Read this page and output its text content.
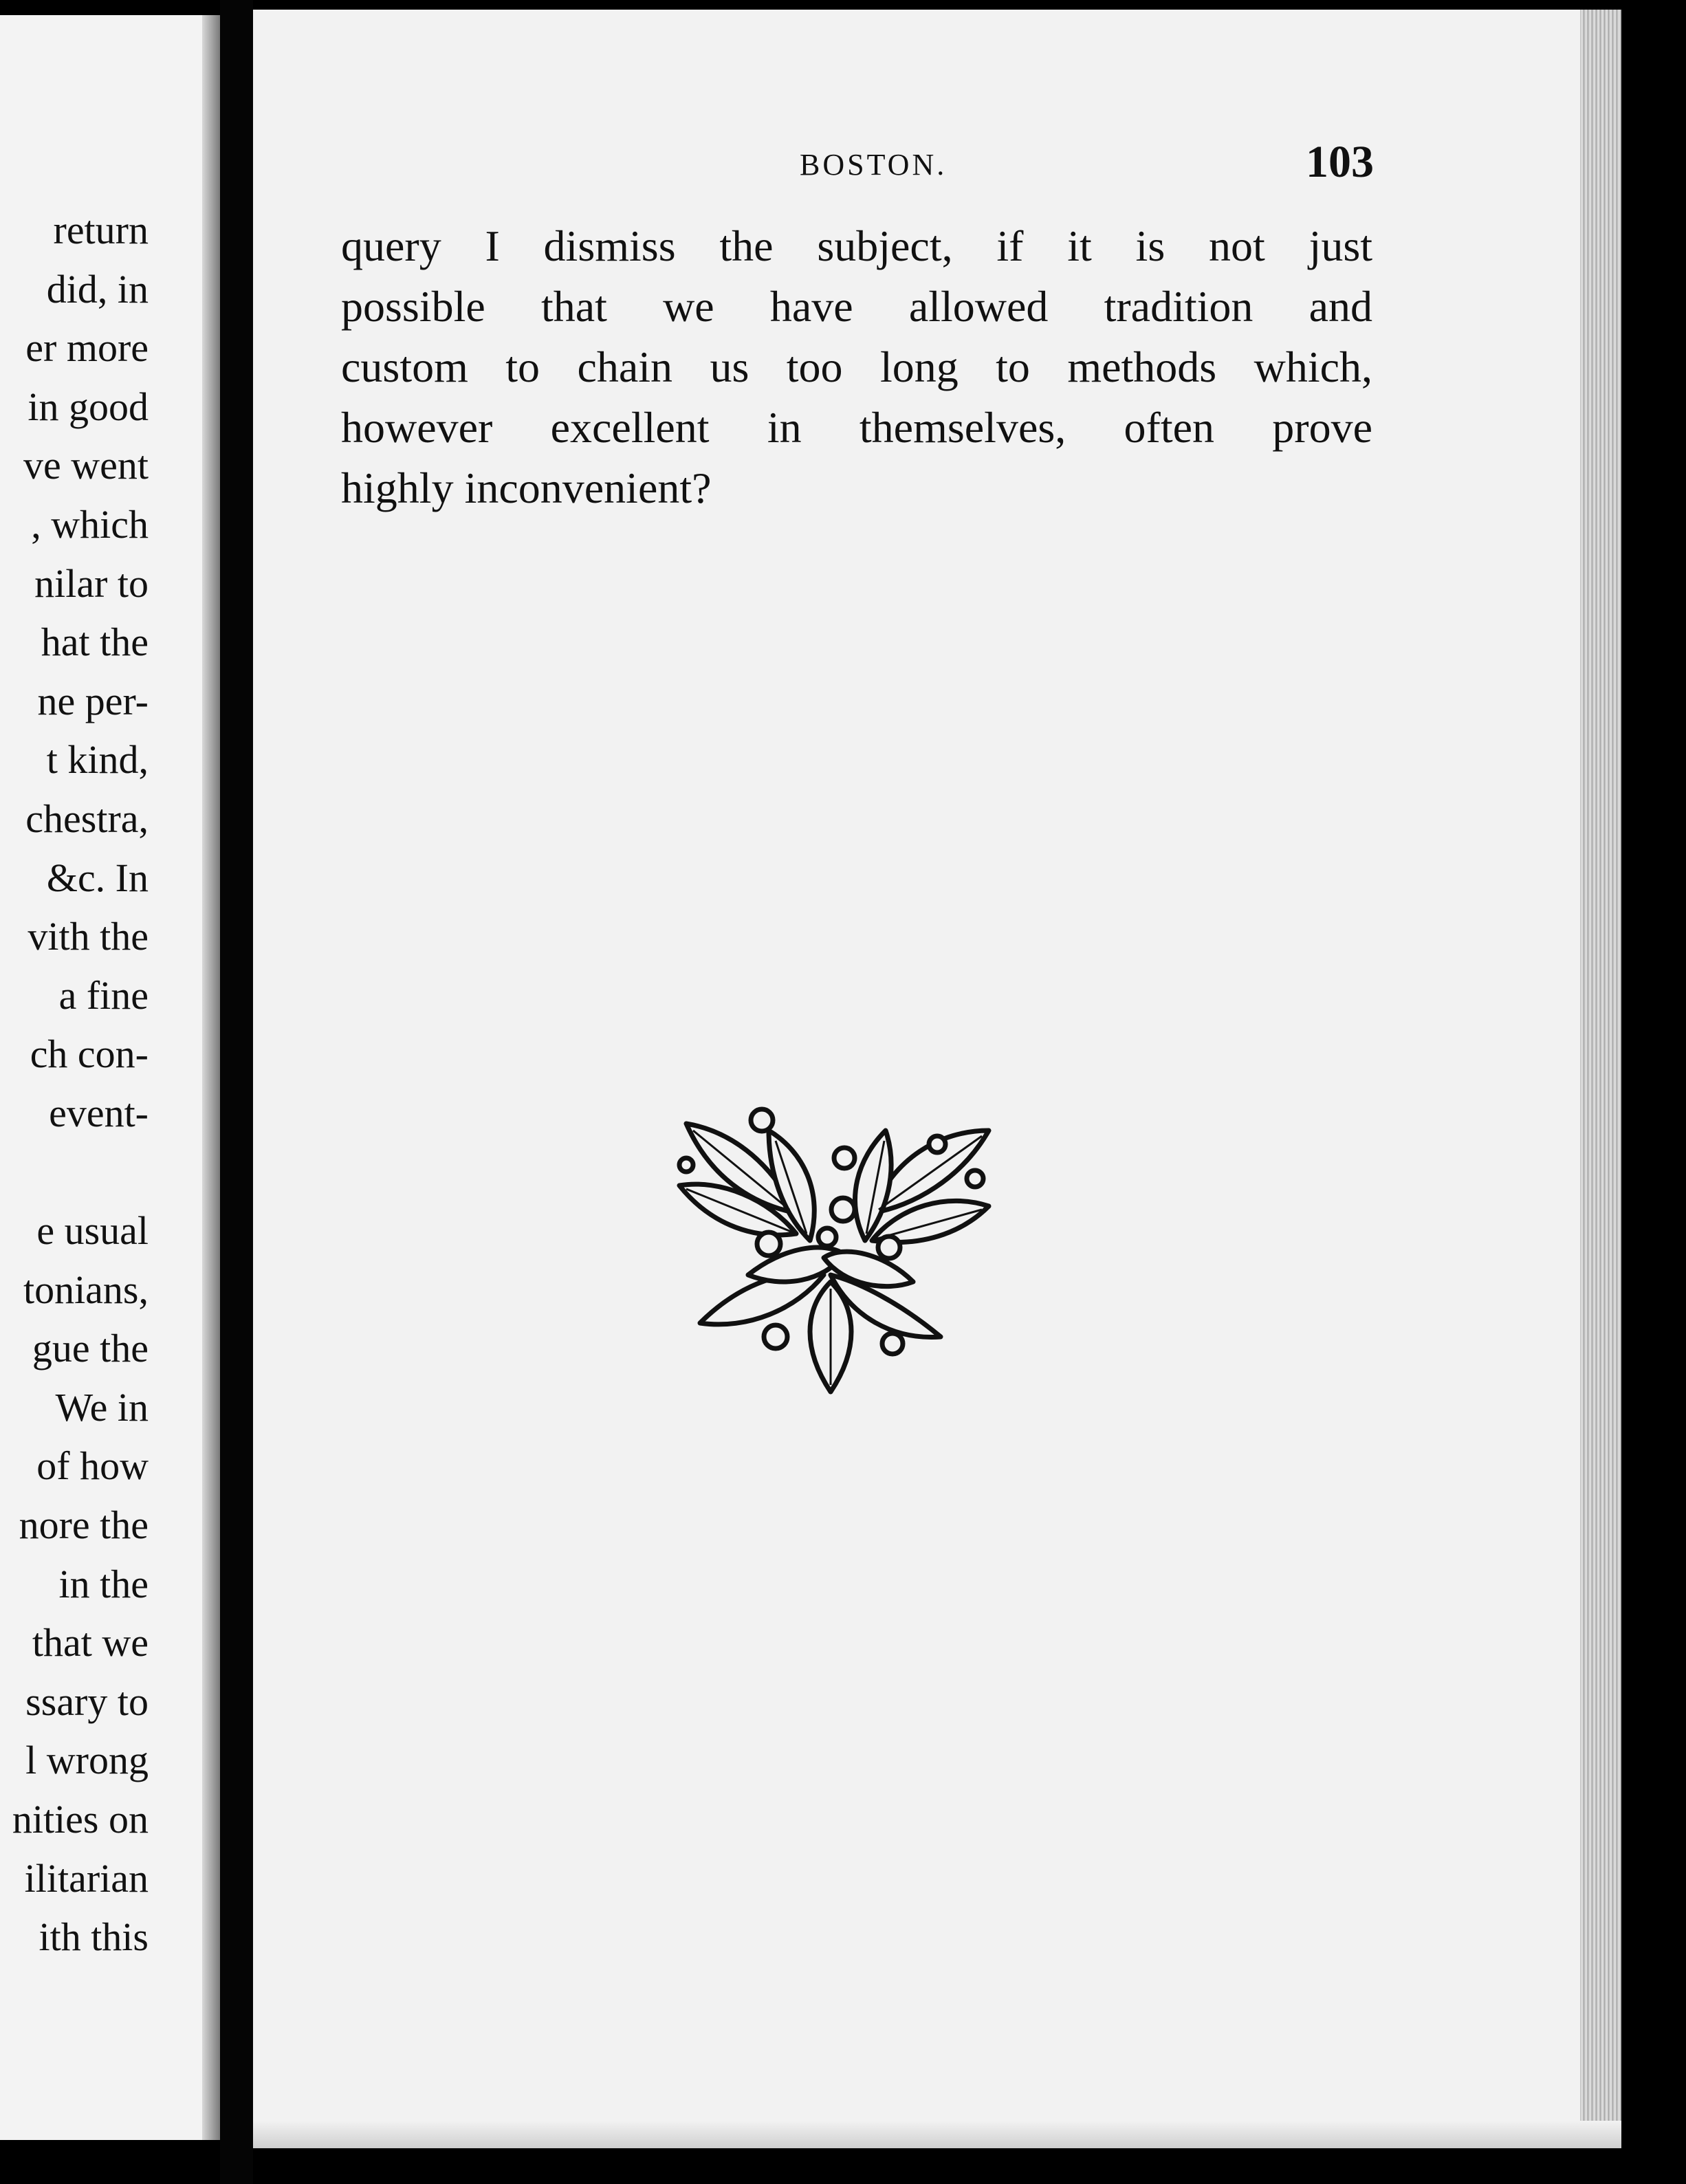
return
did, in
er more
in good
ve went
, which
nilar to
hat the
ne per-
t kind,
chestra,
&c. In
vith the
a fine
ch con-
event-
e usual
tonians,
gue the
We in
of how
nore the
in the
that we
ssary to
l wrong
nities on
ilitarian
ith this
BOSTON.	103
query I dismiss the subject, if it is not just
possible that we have allowed tradition and
custom to chain us too long to methods which,
however excellent in themselves, often prove
highly inconvenient?
